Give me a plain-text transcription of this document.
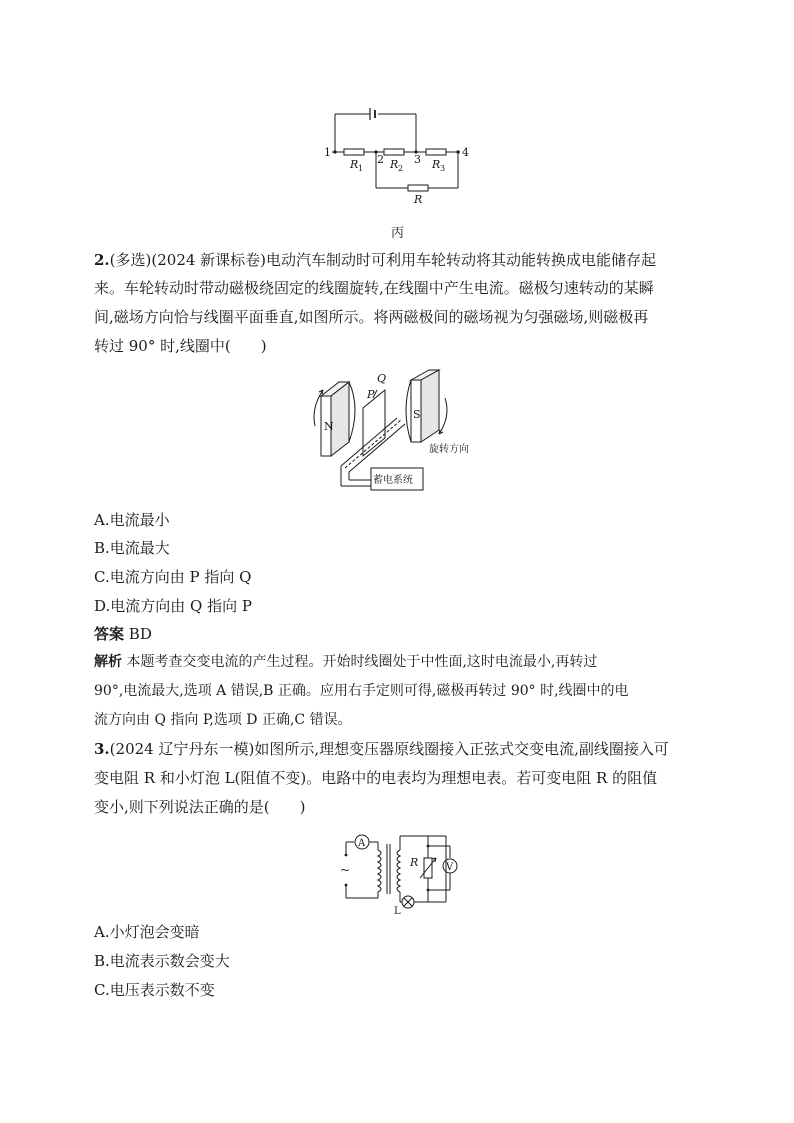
1
2	3
4
R 1 R 2	R 3
R
丙
2.(多选)(2024 新课标卷)电动汽车制动时可利用车轮转动将其动能转换成电能储存起
来。车轮转动时带动磁极绕固定的线圈旋转,在线圈中产生电流。磁极匀速转动的某瞬
间,磁场方向恰与线圈平面垂直,如图所示。将两磁极间的磁场视为匀强磁场,则磁极再
转过 90° 时,线圈中(　　)
N
S
P
Q
旋转方向
蓄电系统
A.电流最小
B.电流最大
C.电流方向由 P 指向 Q
D.电流方向由 Q 指向 P
答案 BD
解析 本题考查交变电流的产生过程。开始时线圈处于中性面,这时电流最小,再转过
90°,电流最大,选项 A 错误,B 正确。应用右手定则可得,磁极再转过 90° 时,线圈中的电
流方向由 Q 指向 P,选项 D 正确,C 错误。
3.(2024 辽宁丹东一模)如图所示,理想变压器原线圈接入正弦式交变电流,副线圈接入可
变电阻 R 和小灯泡 L(阻值不变)。电路中的电表均为理想电表。若可变电阻 R 的阻值
变小,则下列说法正确的是(　　)
A
V
R
L
~
A.小灯泡会变暗
B.电流表示数会变大
C.电压表示数不变
